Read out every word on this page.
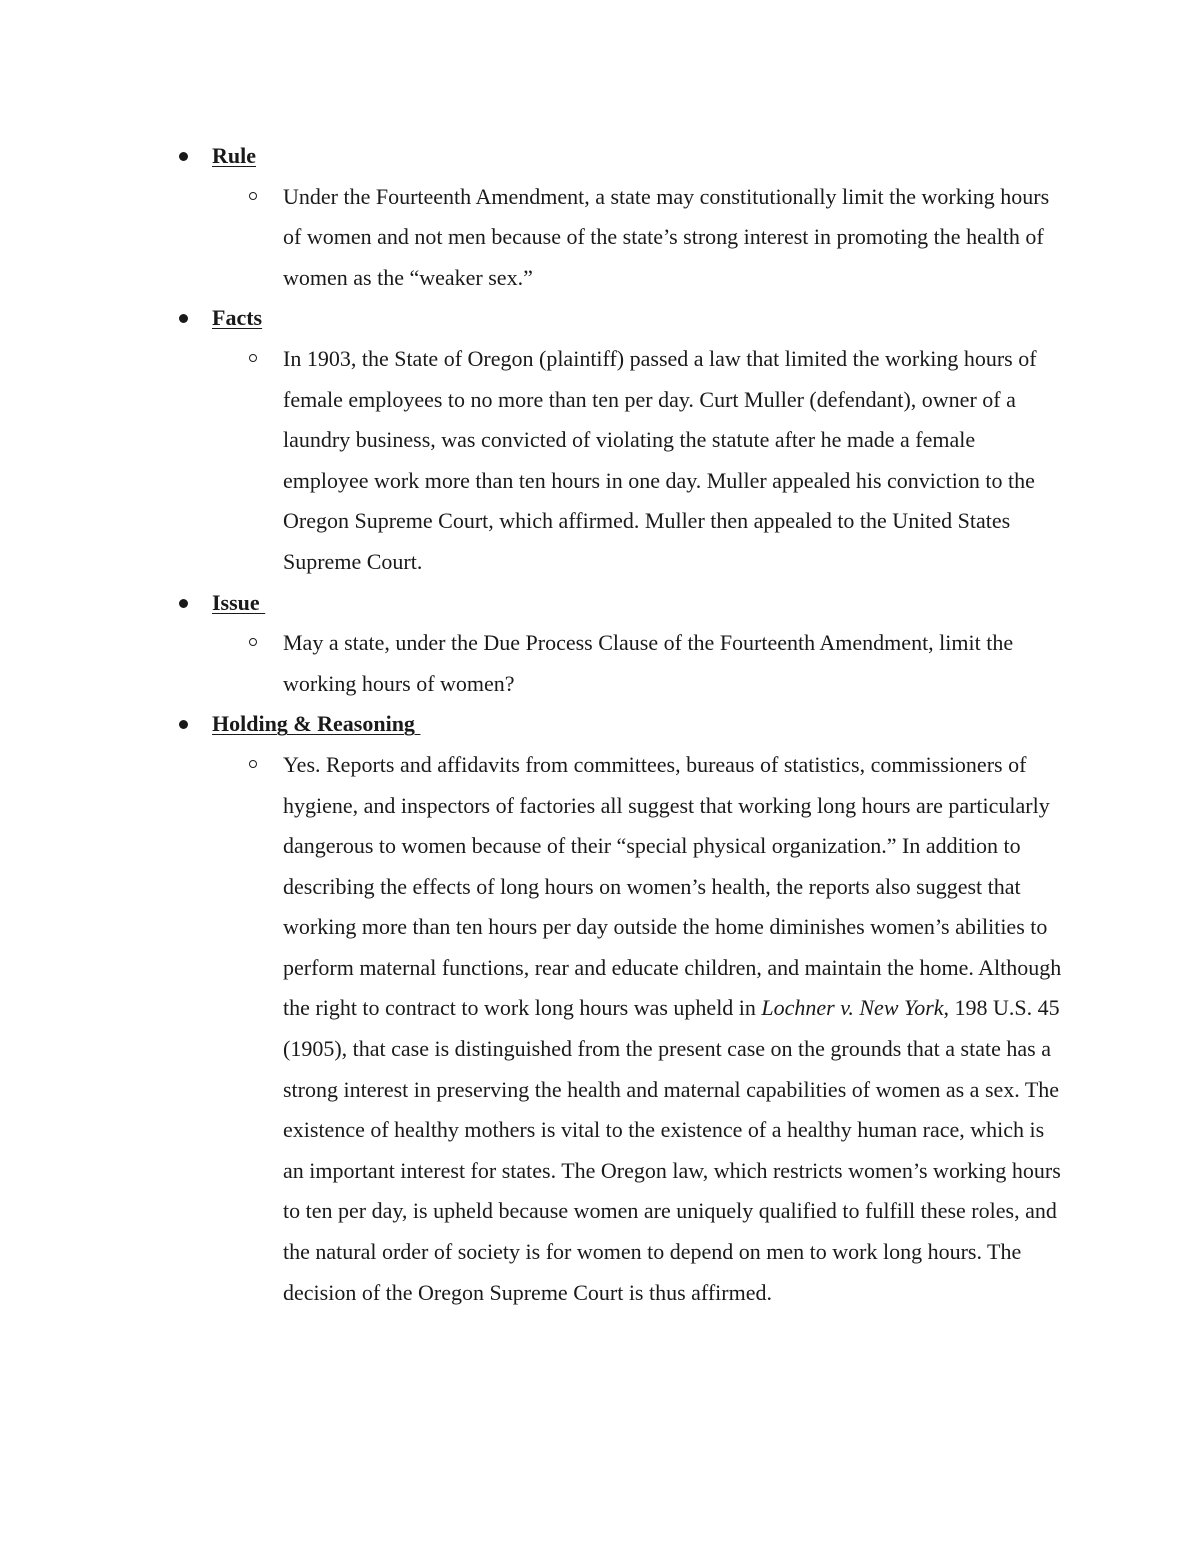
Rule

Under the Fourteenth Amendment, a state may constitutionally limit the working hours of women and not men because of the state’s strong interest in promoting the health of women as the “weaker sex.”

Facts

In 1903, the State of Oregon (plaintiff) passed a law that limited the working hours of female employees to no more than ten per day. Curt Muller (defendant), owner of a laundry business, was convicted of violating the statute after he made a female employee work more than ten hours in one day. Muller appealed his conviction to the Oregon Supreme Court, which affirmed. Muller then appealed to the United States Supreme Court.

Issue

May a state, under the Due Process Clause of the Fourteenth Amendment, limit the working hours of women?

Holding & Reasoning

Yes. Reports and affidavits from committees, bureaus of statistics, commissioners of hygiene, and inspectors of factories all suggest that working long hours are particularly dangerous to women because of their “special physical organization.” In addition to describing the effects of long hours on women’s health, the reports also suggest that working more than ten hours per day outside the home diminishes women’s abilities to perform maternal functions, rear and educate children, and maintain the home. Although the right to contract to work long hours was upheld in Lochner v. New York, 198 U.S. 45 (1905), that case is distinguished from the present case on the grounds that a state has a strong interest in preserving the health and maternal capabilities of women as a sex. The existence of healthy mothers is vital to the existence of a healthy human race, which is an important interest for states. The Oregon law, which restricts women’s working hours to ten per day, is upheld because women are uniquely qualified to fulfill these roles, and the natural order of society is for women to depend on men to work long hours. The decision of the Oregon Supreme Court is thus affirmed.
